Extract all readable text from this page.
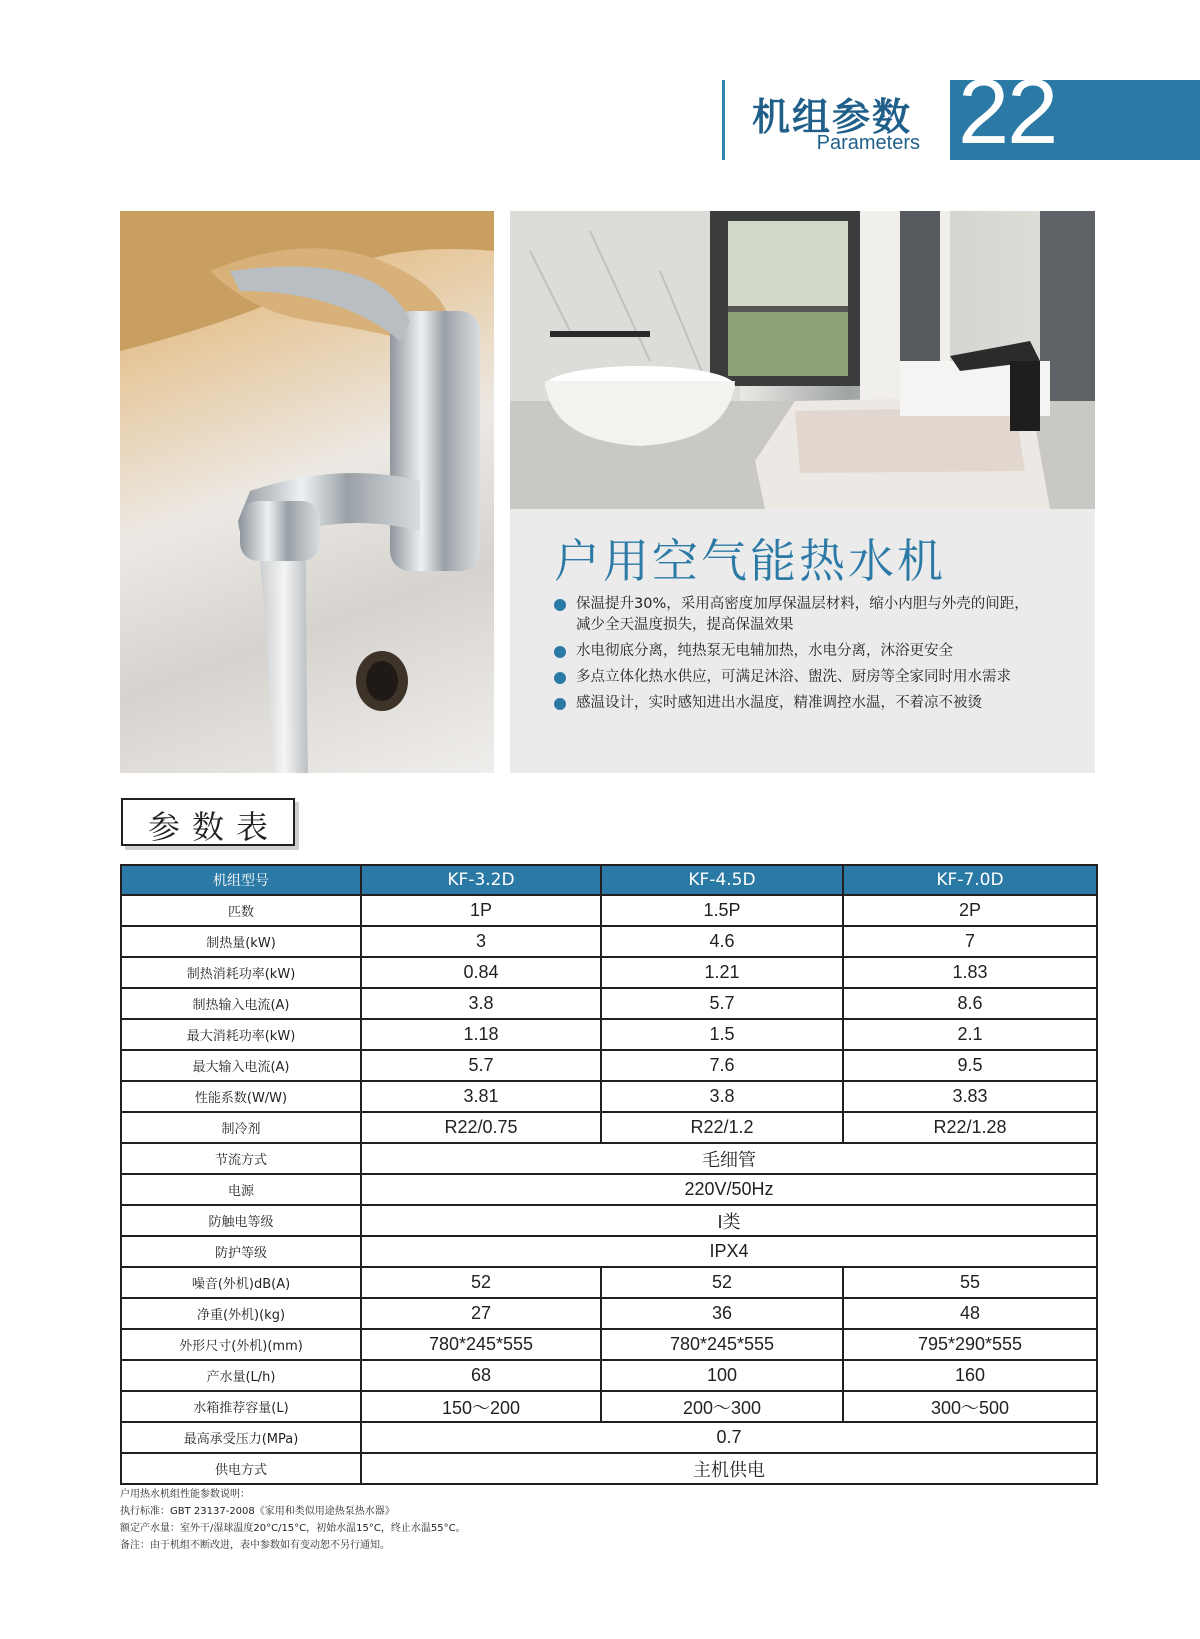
机组参数
Parameters 22
户用空气能热水机
保温提升30%，采用高密度加厚保温层材料，缩小内胆与外壳的间距，减少全天温度损失，提高保温效果
水电彻底分离，纯热泵无电辅加热，水电分离，沐浴更安全
多点立体化热水供应，可满足沐浴、盥洗、厨房等全家同时用水需求
感温设计，实时感知进出水温度，精准调控水温，不着凉不被烫
参数表
机组型号	KF-3.2D	KF-4.5D	KF-7.0D
匹数	1P	1.5P	2P
制热量(kW)	3	4.6	7
制热消耗功率(kW)	0.84	1.21	1.83
制热输入电流(A)	3.8	5.7	8.6
最大消耗功率(kW)	1.18	1.5	2.1
最大输入电流(A)	5.7	7.6	9.5
性能系数(W/W)	3.81	3.8	3.83
制冷剂	R22/0.75	R22/1.2	R22/1.28
节流方式	毛细管		
电源	220V/50Hz		
防触电等级	I类		
防护等级	IPX4		
噪音(外机)dB(A)	52	52	55
净重(外机)(kg)	27	36	48
外形尺寸(外机)(mm)	780*245*555	780*245*555	795*290*555
产水量(L/h)	68	100	160
水箱推荐容量(L)	150～200	200～300	300～500
最高承受压力(MPa)	0.7		
供电方式	主机供电		
户用热水机组性能参数说明：
执行标准：GBT 23137-2008《家用和类似用途热泵热水器》
额定产水量：室外干/湿球温度20°C/15°C，初始水温15°C，终止水温55°C。
备注：由于机组不断改进，表中参数如有变动恕不另行通知。
